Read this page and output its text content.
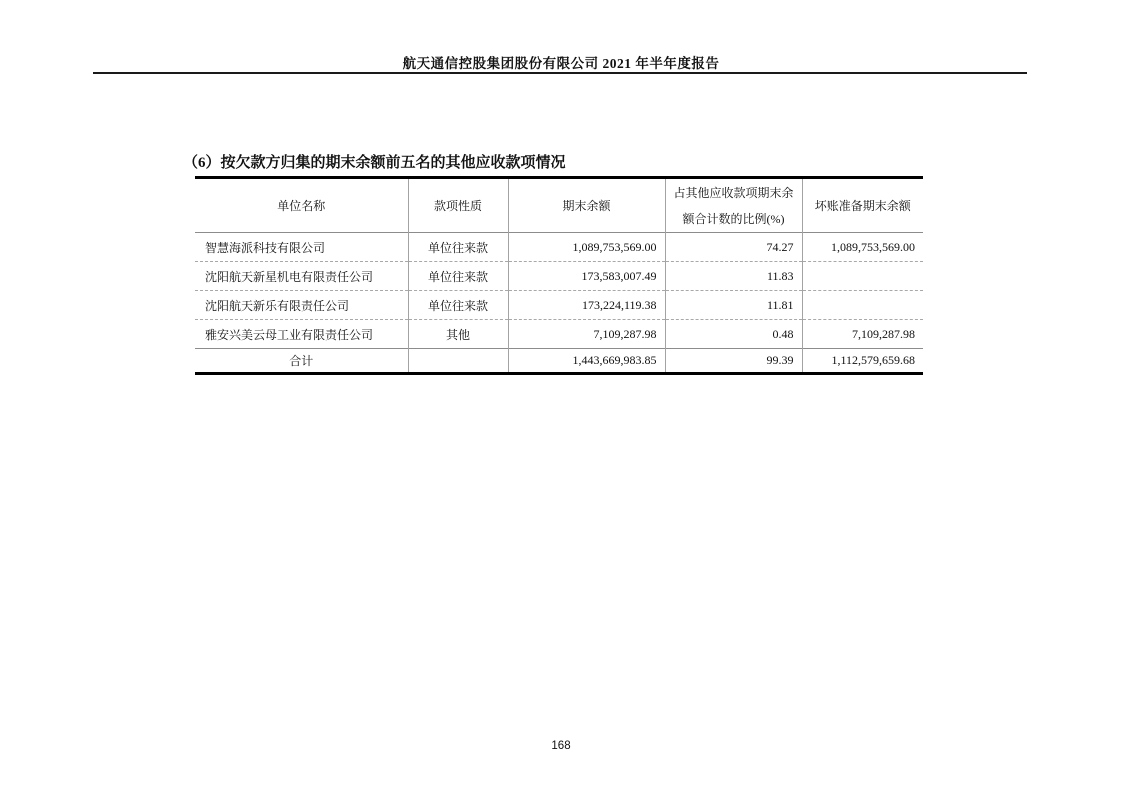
航天通信控股集团股份有限公司 2021 年半年度报告
（6）按欠款方归集的期末余额前五名的其他应收款项情况
单位名称	款项性质	期末余额	占其他应收款项期末余额合计数的比例(%)	坏账准备期末余额
智慧海派科技有限公司	单位往来款	1,089,753,569.00	74.27	1,089,753,569.00
沈阳航天新星机电有限责任公司	单位往来款	173,583,007.49	11.83	
沈阳航天新乐有限责任公司	单位往来款	173,224,119.38	11.81	
雅安兴美云母工业有限责任公司	其他	7,109,287.98	0.48	7,109,287.98
合计		1,443,669,983.85	99.39	1,112,579,659.68
168
